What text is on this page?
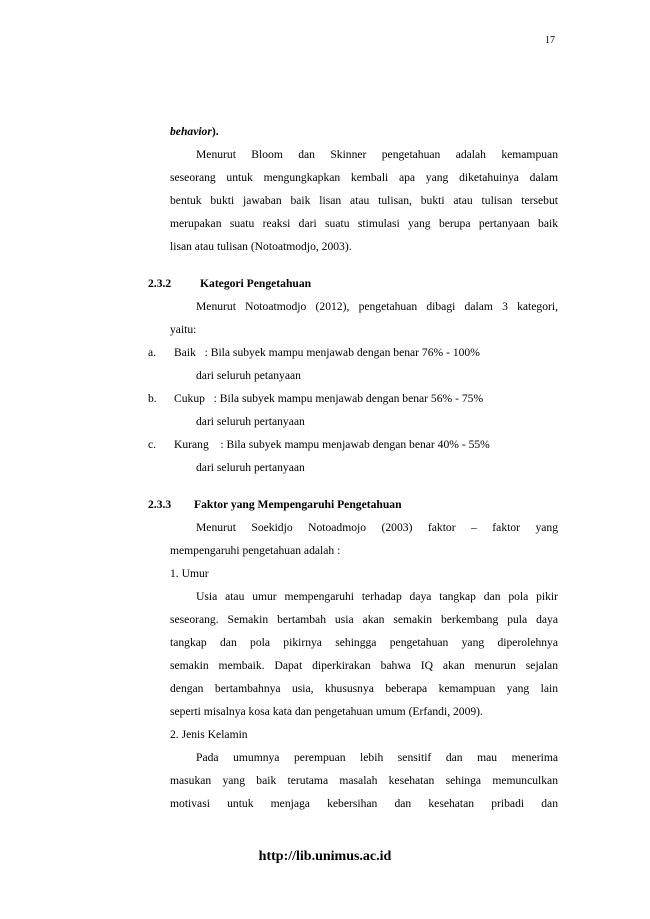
17
behavior).
Menurut Bloom dan Skinner pengetahuan adalah kemampuan
seseorang untuk mengungkapkan kembali apa yang diketahuinya dalam
bentuk bukti jawaban baik lisan atau tulisan, bukti atau tulisan tersebut
merupakan suatu reaksi dari suatu stimulasi yang berupa pertanyaan baik
lisan atau tulisan (Notoatmodjo, 2003).
2.3.2 Kategori Pengetahuan
Menurut Notoatmodjo (2012), pengetahuan dibagi dalam 3 kategori,
yaitu:
a. Baik   : Bila subyek mampu menjawab dengan benar 76% - 100%
dari seluruh petanyaan
b. Cukup   : Bila subyek mampu menjawab dengan benar 56% - 75%
dari seluruh pertanyaan
c. Kurang    : Bila subyek mampu menjawab dengan benar 40% - 55%
dari seluruh pertanyaan
2.3.3 Faktor yang Mempengaruhi Pengetahuan
Menurut Soekidjo Notoadmojo (2003) faktor – faktor yang
mempengaruhi pengetahuan adalah :
1. Umur
Usia atau umur mempengaruhi terhadap daya tangkap dan pola pikir
seseorang. Semakin bertambah usia akan semakin berkembang pula daya
tangkap dan pola pikirnya sehingga pengetahuan yang diperolehnya
semakin membaik. Dapat diperkirakan bahwa IQ akan menurun sejalan
dengan bertambahnya usia, khususnya beberapa kemampuan yang lain
seperti misalnya kosa kata dan pengetahuan umum (Erfandi, 2009).
2. Jenis Kelamin
Pada umumnya perempuan lebih sensitif dan mau menerima
masukan yang baik terutama masalah kesehatan sehinga memunculkan
motivasi untuk menjaga kebersihan dan kesehatan pribadi dan
http://lib.unimus.ac.id
